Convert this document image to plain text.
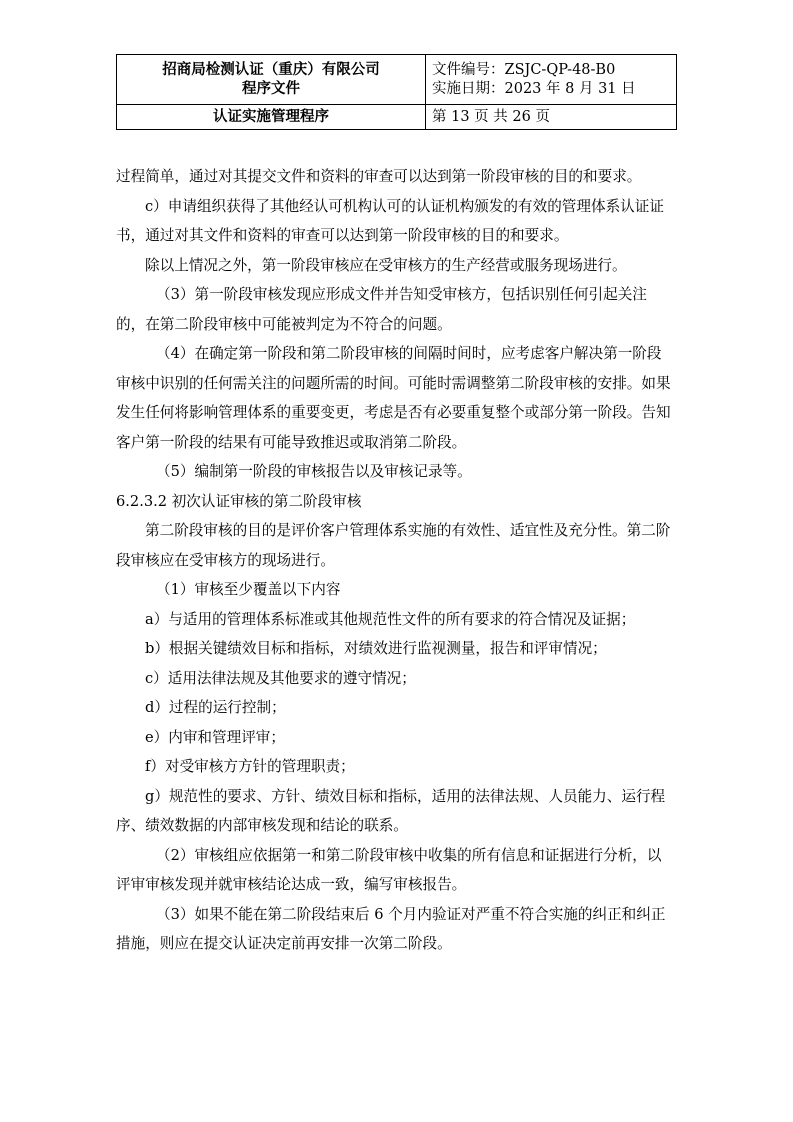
招商局检测认证（重庆）有限公司
程序文件	文件编号：ZSJC-QP-48-B0
实施日期：2023 年 8 月 31 日

认证实施管理程序	第 13 页 共 26 页

过程简单，通过对其提交文件和资料的审查可以达到第一阶段审核的目的和要求。

c）申请组织获得了其他经认可机构认可的认证机构颁发的有效的管理体系认证证书，通过对其文件和资料的审查可以达到第一阶段审核的目的和要求。

除以上情况之外，第一阶段审核应在受审核方的生产经营或服务现场进行。

（3）第一阶段审核发现应形成文件并告知受审核方，包括识别任何引起关注的，在第二阶段审核中可能被判定为不符合的问题。

（4）在确定第一阶段和第二阶段审核的间隔时间时，应考虑客户解决第一阶段审核中识别的任何需关注的问题所需的时间。可能时需调整第二阶段审核的安排。如果发生任何将影响管理体系的重要变更，考虑是否有必要重复整个或部分第一阶段。告知客户第一阶段的结果有可能导致推迟或取消第二阶段。

（5）编制第一阶段的审核报告以及审核记录等。

6.2.3.2 初次认证审核的第二阶段审核

第二阶段审核的目的是评价客户管理体系实施的有效性、适宜性及充分性。第二阶段审核应在受审核方的现场进行。

（1）审核至少覆盖以下内容

a）与适用的管理体系标准或其他规范性文件的所有要求的符合情况及证据；

b）根据关键绩效目标和指标，对绩效进行监视测量，报告和评审情况；

c）适用法律法规及其他要求的遵守情况；

d）过程的运行控制；

e）内审和管理评审；

f）对受审核方方针的管理职责；

g）规范性的要求、方针、绩效目标和指标，适用的法律法规、人员能力、运行程序、绩效数据的内部审核发现和结论的联系。

（2）审核组应依据第一和第二阶段审核中收集的所有信息和证据进行分析，以评审审核发现并就审核结论达成一致，编写审核报告。

（3）如果不能在第二阶段结束后 6 个月内验证对严重不符合实施的纠正和纠正措施，则应在提交认证决定前再安排一次第二阶段。
